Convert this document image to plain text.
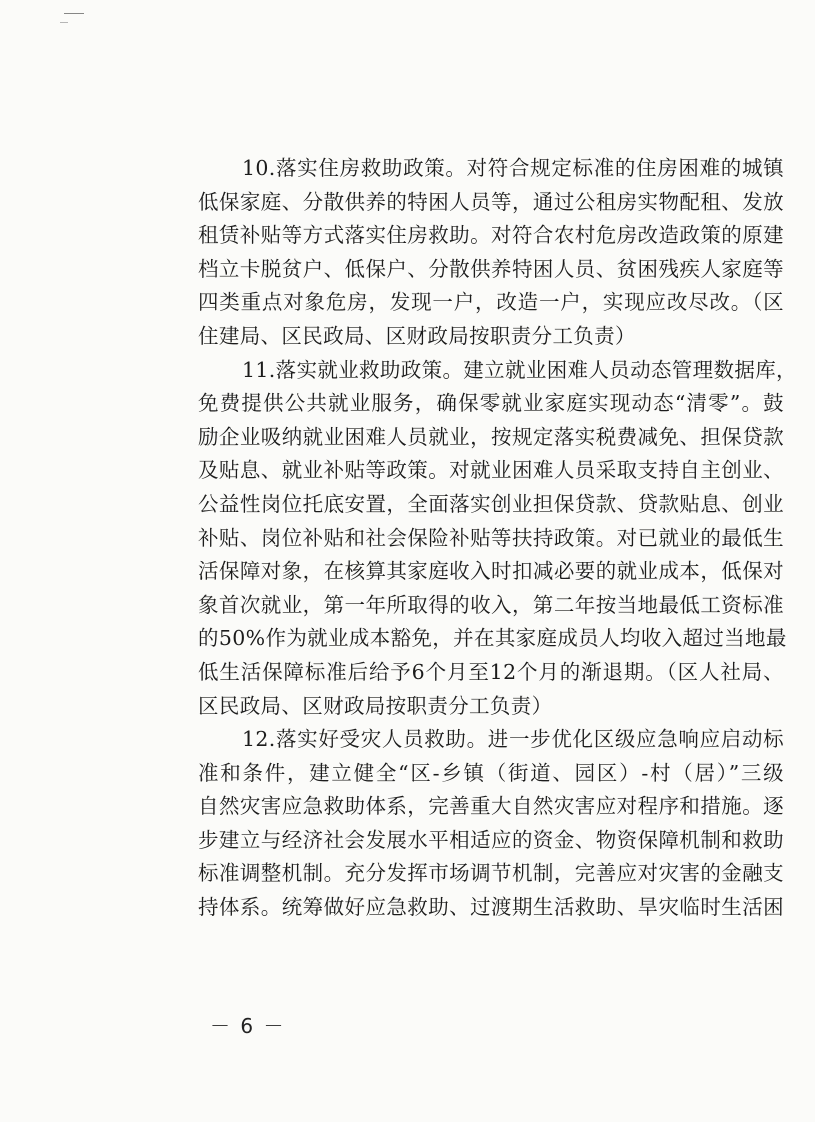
10.落实住房救助政策。对符合规定标准的住房困难的城镇
低保家庭、分散供养的特困人员等，通过公租房实物配租、发放
租赁补贴等方式落实住房救助。对符合农村危房改造政策的原建
档立卡脱贫户、低保户、分散供养特困人员、贫困残疾人家庭等
四类重点对象危房，发现一户，改造一户，实现应改尽改。（区
住建局、区民政局、区财政局按职责分工负责）
11.落实就业救助政策。建立就业困难人员动态管理数据库，
免费提供公共就业服务，确保零就业家庭实现动态“清零”。鼓
励企业吸纳就业困难人员就业，按规定落实税费减免、担保贷款
及贴息、就业补贴等政策。对就业困难人员采取支持自主创业、
公益性岗位托底安置，全面落实创业担保贷款、贷款贴息、创业
补贴、岗位补贴和社会保险补贴等扶持政策。对已就业的最低生
活保障对象，在核算其家庭收入时扣减必要的就业成本，低保对
象首次就业，第一年所取得的收入，第二年按当地最低工资标准
的50%作为就业成本豁免，并在其家庭成员人均收入超过当地最
低生活保障标准后给予6个月至12个月的渐退期。（区人社局、
区民政局、区财政局按职责分工负责）
12.落实好受灾人员救助。进一步优化区级应急响应启动标
准和条件，建立健全“区-乡镇（街道、园区）-村（居）”三级
自然灾害应急救助体系，完善重大自然灾害应对程序和措施。逐
步建立与经济社会发展水平相适应的资金、物资保障机制和救助
标准调整机制。充分发挥市场调节机制，完善应对灾害的金融支
持体系。统筹做好应急救助、过渡期生活救助、旱灾临时生活困
－ 6 －
